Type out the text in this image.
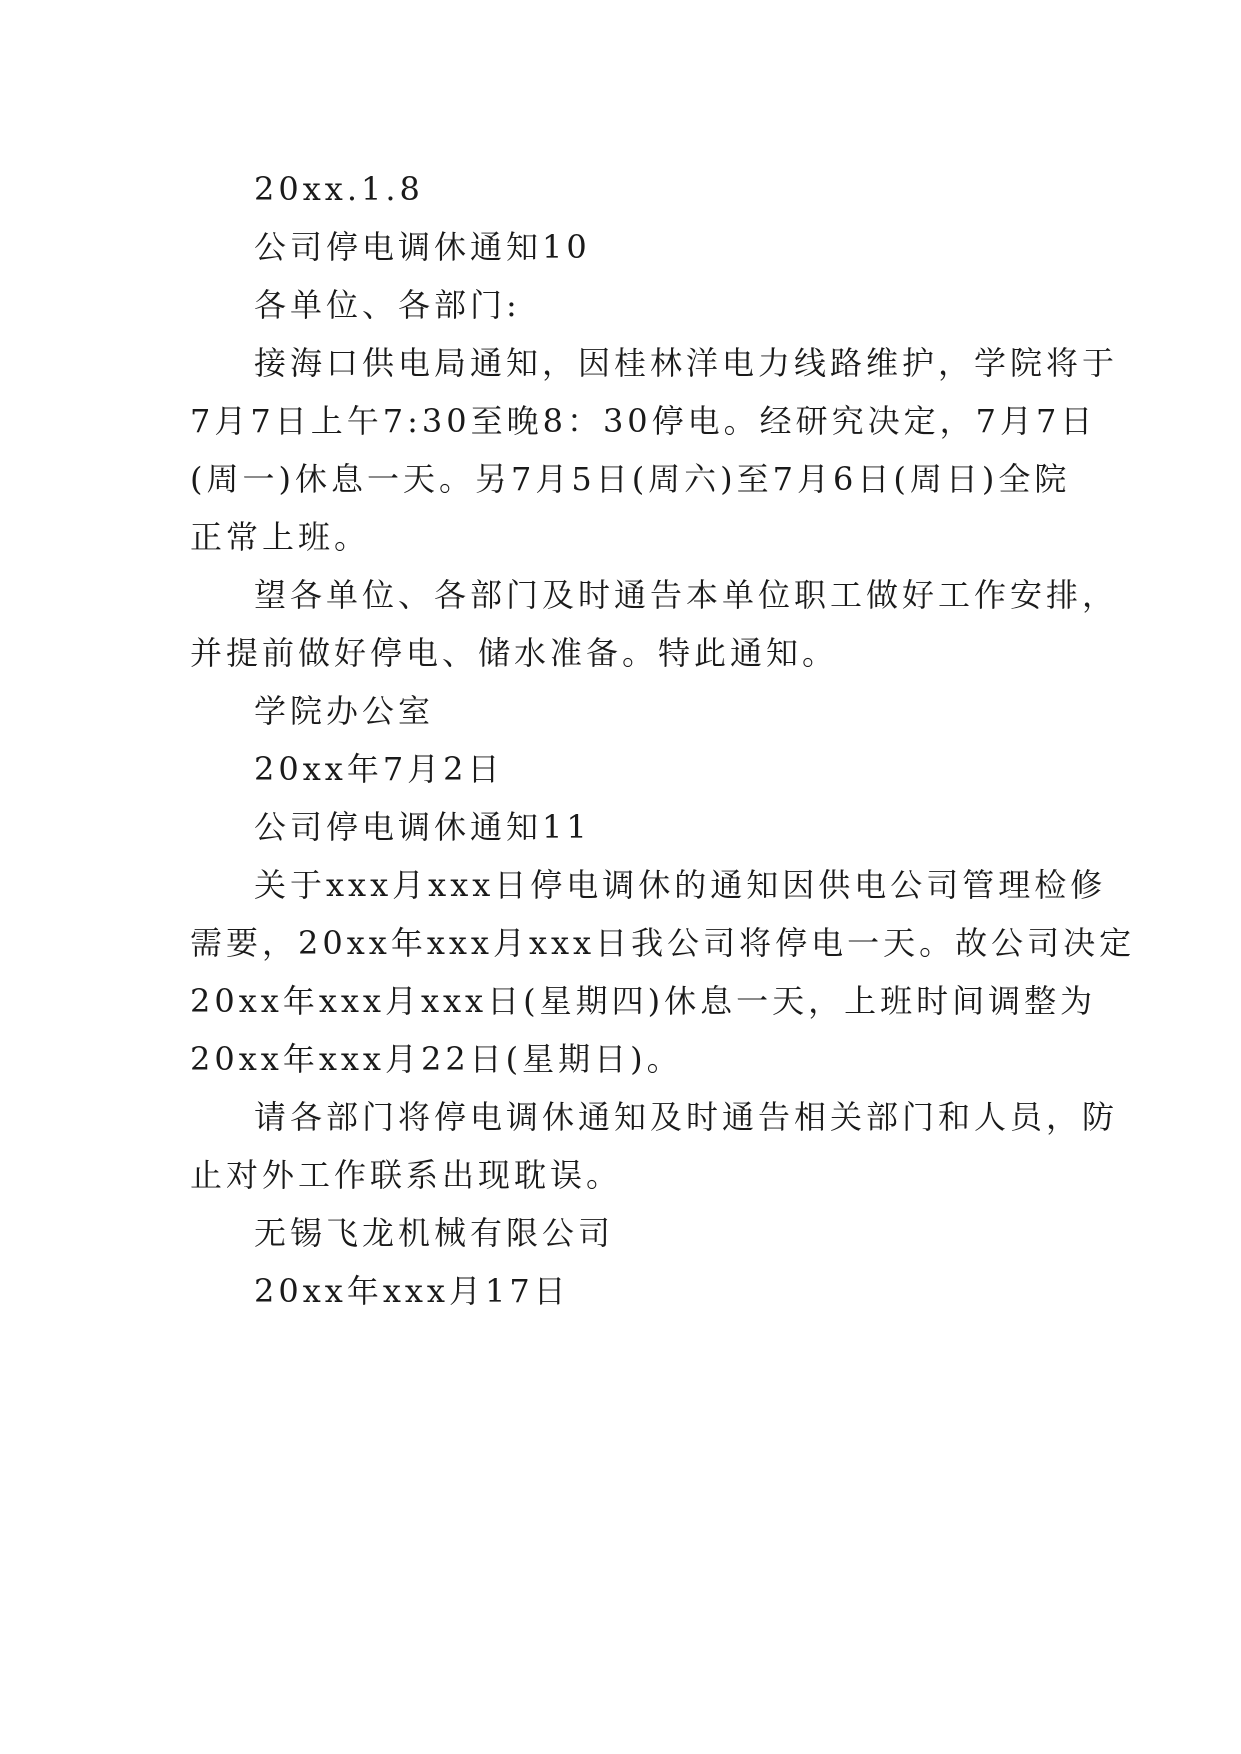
20xx.1.8
公司停电调休通知10
各单位、各部门:
接海口供电局通知，因桂林洋电力线路维护，学院将于
7月7日上午7:30至晚8：30停电。经研究决定，7月7日
(周一)休息一天。另7月5日(周六)至7月6日(周日)全院
正常上班。
望各单位、各部门及时通告本单位职工做好工作安排，
并提前做好停电、储水准备。特此通知。
学院办公室
20xx年7月2日
公司停电调休通知11
关于xxx月xxx日停电调休的通知因供电公司管理检修
需要，20xx年xxx月xxx日我公司将停电一天。故公司决定
20xx年xxx月xxx日(星期四)休息一天，上班时间调整为
20xx年xxx月22日(星期日)。
请各部门将停电调休通知及时通告相关部门和人员，防
止对外工作联系出现耽误。
无锡飞龙机械有限公司
20xx年xxx月17日
